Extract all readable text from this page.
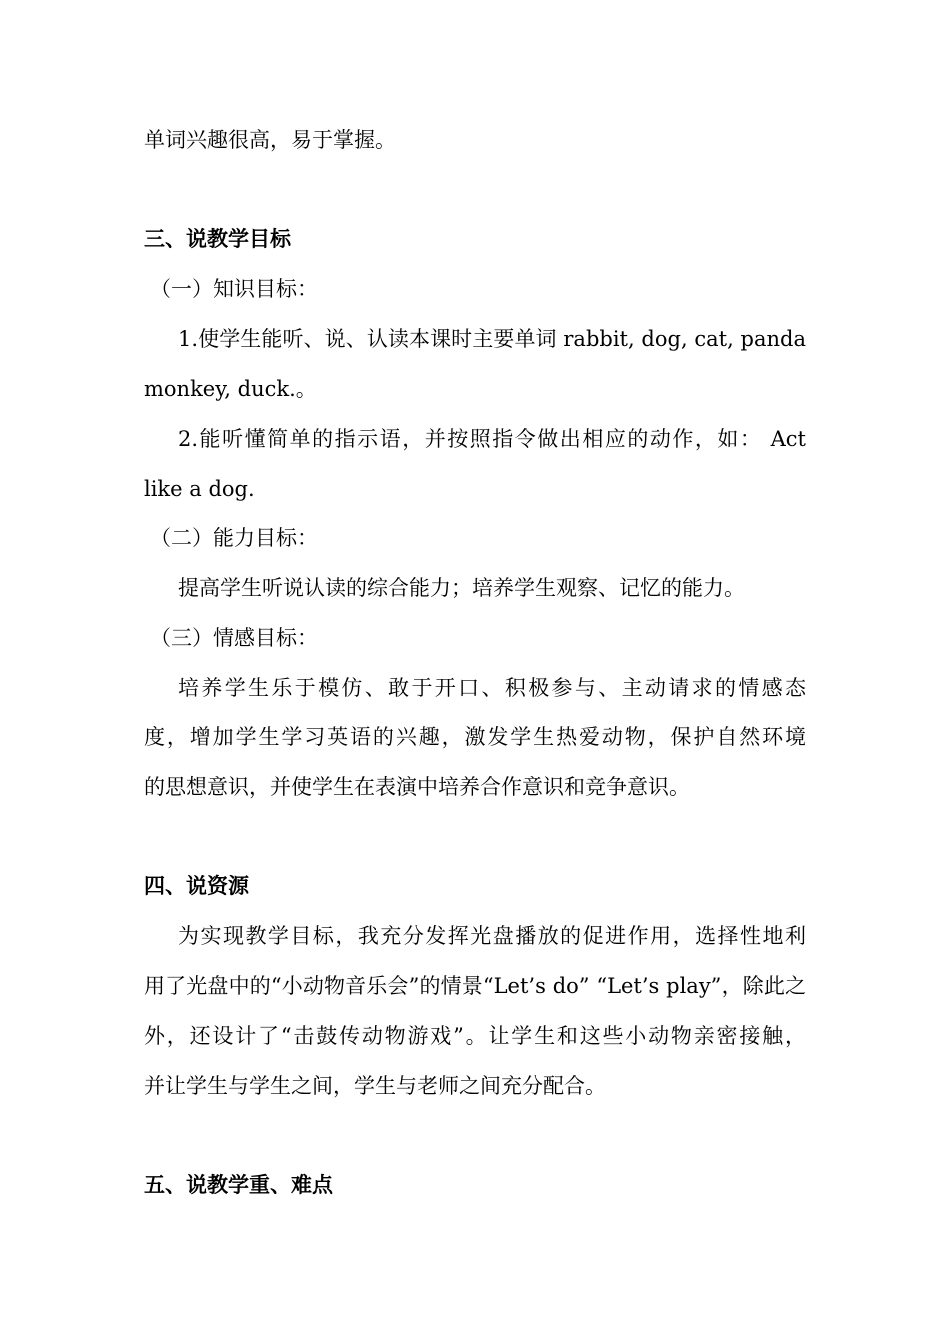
单词兴趣很高，易于掌握。
三、说教学目标
（一）知识目标：
1.使学生能听、说、认读本课时主要单词 rabbit, dog, cat, panda
monkey, duck.。
2.能听懂简单的指示语，并按照指令做出相应的动作，如： Act
like a dog.
（二）能力目标：
提高学生听说认读的综合能力；培养学生观察、记忆的能力。
（三）情感目标：
培养学生乐于模仿、敢于开口、积极参与、主动请求的情感态
度，增加学生学习英语的兴趣，激发学生热爱动物，保护自然环境
的思想意识，并使学生在表演中培养合作意识和竞争意识。
四、说资源
为实现教学目标，我充分发挥光盘播放的促进作用，选择性地利
用了光盘中的“小动物音乐会”的情景“Let’s do” “Let’s play”，除此之
外，还设计了“击鼓传动物游戏”。让学生和这些小动物亲密接触，
并让学生与学生之间，学生与老师之间充分配合。
五、说教学重、难点
